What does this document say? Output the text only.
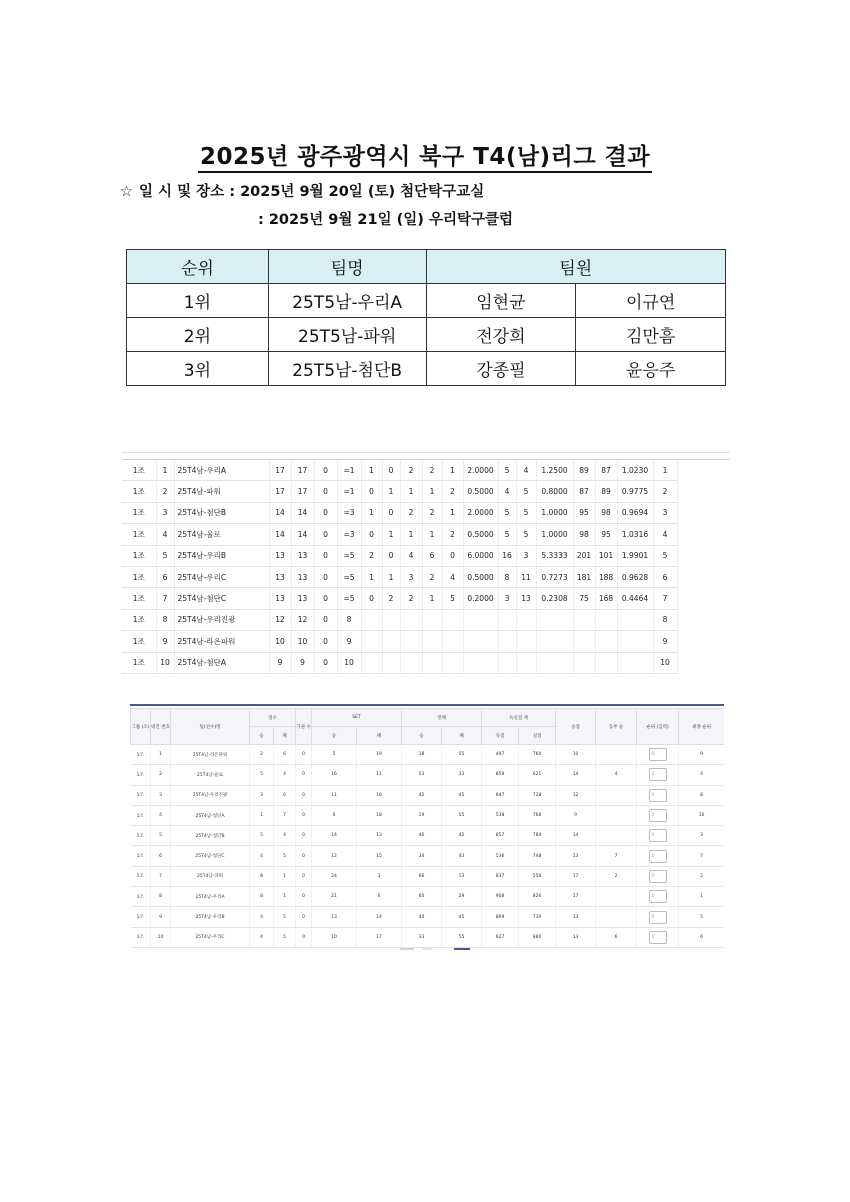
2025년 광주광역시 북구 T4(남)리그 결과
☆ 일 시 및 장소 : 2025년 9월 20일 (토) 첨단탁구교실
: 2025년 9월 21일 (일) 우리탁구클럽
순위	팀명	팀원	
1위	25T5남-우리A	임현균	이규연
2위	25T5남-파워	전강희	김만흠
3위	25T5남-첨단B	강종필	윤응주
1조	1	25T4남-우리A	17	17	0	=1	1	0	2	2	1	2.0000	5	4	1.2500	89	87	1.0230	1
1조	2	25T4남-파워	17	17	0	=1	0	1	1	1	2	0.5000	4	5	0.8000	87	89	0.9775	2
1조	3	25T4남-첨단B	14	14	0	=3	1	0	2	2	1	2.0000	5	5	1.0000	95	98	0.9694	3
1조	4	25T4남-율로	14	14	0	=3	0	1	1	1	2	0.5000	5	5	1.0000	98	95	1.0316	4
1조	5	25T4남-우리B	13	13	0	=5	2	0	4	6	0	6.0000	16	3	5.3333	201	101	1.9901	5
1조	6	25T4남-우리C	13	13	0	=5	1	1	3	2	4	0.5000	8	11	0.7273	181	188	0.9628	6
1조	7	25T4남-첨단C	13	13	0	=5	0	2	2	1	5	0.2000	3	13	0.2308	75	168	0.4464	7
1조	8	25T4남-우리진광	12	12	0	8													8
1조	9	25T4남-라온파워	10	10	0	9													9
1조	10	25T4남-첨단A	9	9	0	10													10
그룹 (조)	대진 번호	팀(선수)명	점수		기권 수	SET		전체		득실점 계		승점	동부 승	순위 (입력)	최종 순위
			승	패		승	패	승	패	득점	실점				
1조	1	25T4남-라온파워	2	6	0	5	19	18	55	497	760	10		0	9
1조	2	25T4남-율로	5	4	0	16	11	53	33	859	621	14	4	0	4
1조	3	25T4남-우리진광	3	6	0	11	16	42	45	847	728	12		0	8
1조	4	25T4남-첨단A	1	7	0	6	18	19	55	538	768	9		0	10
1조	5	25T4남-첨단B	5	4	0	14	13	46	42	857	784	14		0	3
1조	6	25T4남-첨단C	4	5	0	12	15	34	43	536	748	13	7	0	7
1조	7	25T4남-파워	8	1	0	24	3	66	13	837	550	17	2	0	2
1조	8	25T4남-우리A	8	1	0	21	6	60	29	908	826	17		0	1
1조	9	25T4남-우리B	4	5	0	13	14	44	45	869	730	13		0	5
1조	10	25T4남-우리C	4	5	0	10	17	33	55	627	880	13	6	0	6
